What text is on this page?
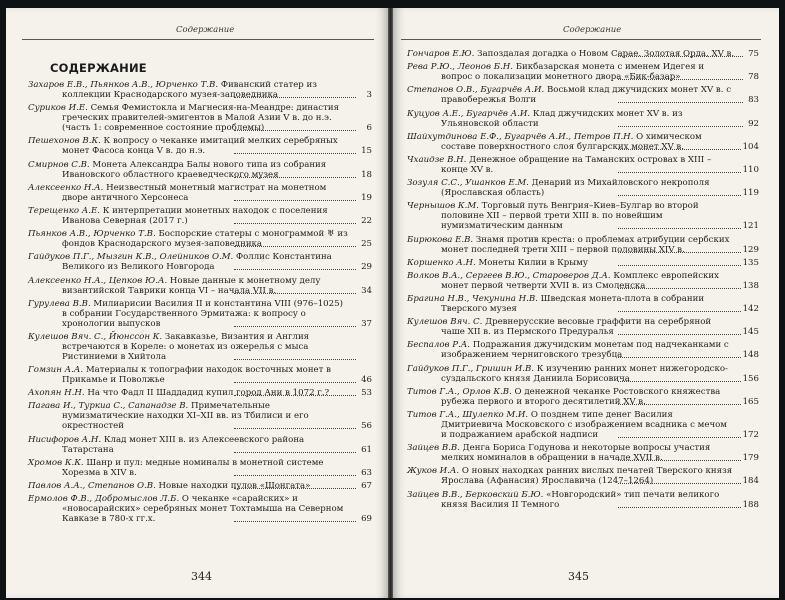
Содержание
СОДЕРЖАНИЕ
Захаров Е.В., Пьянков А.В., Юрченко Т.В. Фиванский статер из коллекции Краснодарского музея-заповедника	3
Суриков И.Е. Семья Фемистокла и Магнесия-на-Меандре: династия греческих правителей-эмигентов в Малой Азии V в. до н.э. (часть 1: современное состояние проблемы)	6
Пешехонов В.К. К вопросу о чеканке имитаций мелких серебряных монет Фасоса конца V в. до н.э.	15
Смирнов С.В. Монета Александра Балы нового типа из собрания Ивановского областного краеведческого музея	18
Алексеенко Н.А. Неизвестный монетный магистрат на монетном дворе античного Херсонеса	19
Терещенко А.Е. К интерпретации монетных находок с поселения Иванова Северная (2017 г.)	22
Пьянков А.В., Юрченко Т.В. Боспорские статеры с монограммой ♅ из фондов Краснодарского музея-заповедника	25
Гайдуков П.Г., Мызгин К.В., Олейников О.М. Фоллис Константина Великого из Великого Новгорода	29
Алексеенко Н.А., Цепков Ю.А. Новые данные к монетному делу византийской Таврики конца VI – начала VII в.	34
Гурулева В.В. Милиарисии Василия II и константина VIII (976–1025) в собрании Государственного Эрмитажа: к вопросу о хронологии выпусков	37
Кулешов Вяч. С., Йюнссон К. Закавказье, Византия и Англия встречаются в Кореле: о монетах из ожерелья с мыса Ристиниеми в Хийтола
Гомзин А.А. Материалы к топографии находок восточных монет в Прикамье и Поволжье	46
Ахопян Н.Н. На что Фадл II Шаддадид купил город Ани в 1072 г.?	53
Пагава И., Туркиа С., Сапанадзе В. Примечательные нумизматические находки XI–XII вв. из Тбилиси и его окрестностей	56
Нисифоров А.Н. Клад монет XIII в. из Алексеевского района Татарстана	61
Хромов К.К. Шанр и пул: медные номиналы в монетной системе Хорезма в XIV в.	63
Павлов А.А., Степанов О.В. Новые находки пулов «Шонгата»	67
Ермолов Ф.В., Добромыслов Л.Б. О чеканке «сарайских» и «новосарайских» серебряных монет Тохтамыша на Северном Кавказе в 780-х гг.х.	69
344
Содержание
Гончаров Е.Ю. Запоздалая догадка о Новом Сарае. Золотая Орда, XV в.	75
Рева Р.Ю., Леонов Б.Н. Бикбазарская монета с именем Идегея и вопрос о локализации монетного двора «Бик-базар»	78
Степанов О.В., Бугарчёв А.И. Восьмой клад джучидских монет XV в. с правобережья Волги	83
Куцуов А.Е., Бугарчёв А.И. Клад джучидских монет XV в. из Ульяновской области	92
Шайхутдинова Е.Ф., Бугарчёв А.И., Петров П.Н. О химическом составе поверхностного слоя булгарских монет XV в.	104
Чхаидзе В.Н. Денежное обращение на Таманских островах в XIII – конце XV в.	110
Зозуля С.С., Ушанков Е.М. Денарий из Михайловского некрополя (Ярославская область)	119
Чернышов К.М. Торговый путь Венгрия–Киев–Булгар во второй половине XII – первой трети XIII в. по новейшим нумизматическим данным	121
Бирюкова Е.В. Знамя против креста: о проблемах атрибуции сербских монет последней трети XIII – первой половины XIV в.	129
Коршенко А.Н. Монеты Килии в Крыму	135
Волков В.А., Сергеев В.Ю., Староверов Д.А. Комплекс европейских монет первой четверти XVII в. из Смоленска	138
Брагина Н.В., Чекунина Н.В. Шведская монета-плота в собрании Тверского музея	142
Кулешов Вяч. С. Древнерусские весовые граффити на серебряной чаше XII в. из Пермского Предуралья	145
Беспалов Р.А. Подражания джучидским монетам под надчеканками с изображением черниговского трезубца	148
Гайдуков П.Г., Гришин И.В. К изучению ранних монет нижегородско-суздальского князя Даниила Борисовича	156
Титов Г.А., Орлов К.В. О денежной чеканке Ростовского княжества рубежа первого и второго десятилетий XV в.	165
Титов Г.А., Шулепко М.И. О позднем типе денег Василия Дмитриевича Московского с изображением всадника с мечом и подражанием арабской надписи	172
Зайцев В.В. Денга Бориса Годунова и некоторые вопросы участия мелких номиналов в обращении в начале XVII в.	179
Жуков И.А. О новых находках ранних вислых печатей Тверского князя Ярослава (Афанасия) Ярославича (1247–1264)	184
Зайцев В.В., Берковский Б.Ю. «Новгородский» тип печати великого князя Василия II Темного	188
345
